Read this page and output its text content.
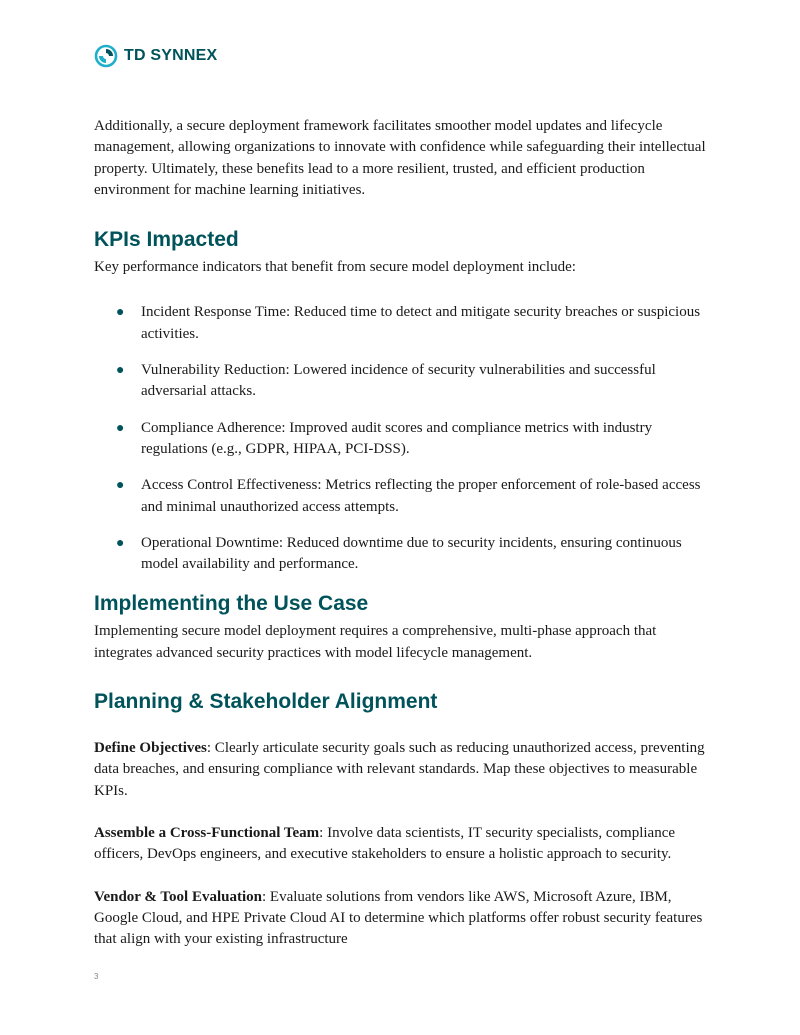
TD SYNNEX

Additionally, a secure deployment framework facilitates smoother model updates and lifecycle management, allowing organizations to innovate with confidence while safeguarding their intellectual property. Ultimately, these benefits lead to a more resilient, trusted, and efficient production environment for machine learning initiatives.

KPIs Impacted

Key performance indicators that benefit from secure model deployment include:

● Incident Response Time: Reduced time to detect and mitigate security breaches or suspicious activities.
● Vulnerability Reduction: Lowered incidence of security vulnerabilities and successful adversarial attacks.
● Compliance Adherence: Improved audit scores and compliance metrics with industry regulations (e.g., GDPR, HIPAA, PCI-DSS).
● Access Control Effectiveness: Metrics reflecting the proper enforcement of role-based access and minimal unauthorized access attempts.
● Operational Downtime: Reduced downtime due to security incidents, ensuring continuous model availability and performance.
Implementing the Use Case

Implementing secure model deployment requires a comprehensive, multi-phase approach that integrates advanced security practices with model lifecycle management.

Planning & Stakeholder Alignment

Define Objectives: Clearly articulate security goals such as reducing unauthorized access, preventing data breaches, and ensuring compliance with relevant standards. Map these objectives to measurable KPIs.

Assemble a Cross-Functional Team: Involve data scientists, IT security specialists, compliance officers, DevOps engineers, and executive stakeholders to ensure a holistic approach to security.

Vendor & Tool Evaluation: Evaluate solutions from vendors like AWS, Microsoft Azure, IBM, Google Cloud, and HPE Private Cloud AI to determine which platforms offer robust security features that align with your existing infrastructure

3
